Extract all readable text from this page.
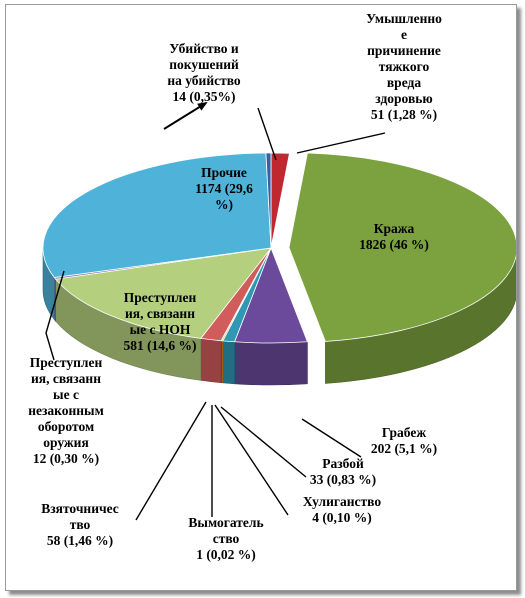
Умышленно е причинение тяжкого вреда здоровью 51 (1,28 %)
Кража 1826 (46 %)
Грабеж 202 (5,1 %)
Разбой 33 (0,83 %)
Хулиганство 4 (0,10 %)
Вымогатель ство 1 (0,02 %)
Взяточничес тво 58 (1,46 %)
Преступлен ия, связанн ые с НОН 581 (14,6 %)
Преступлен ия, связанн ые с незаконным оборотом оружия 12 (0,30 %)
Прочие 1174 (29,6 %)
Убийство и покушений на убийство 14 (0,35%)
